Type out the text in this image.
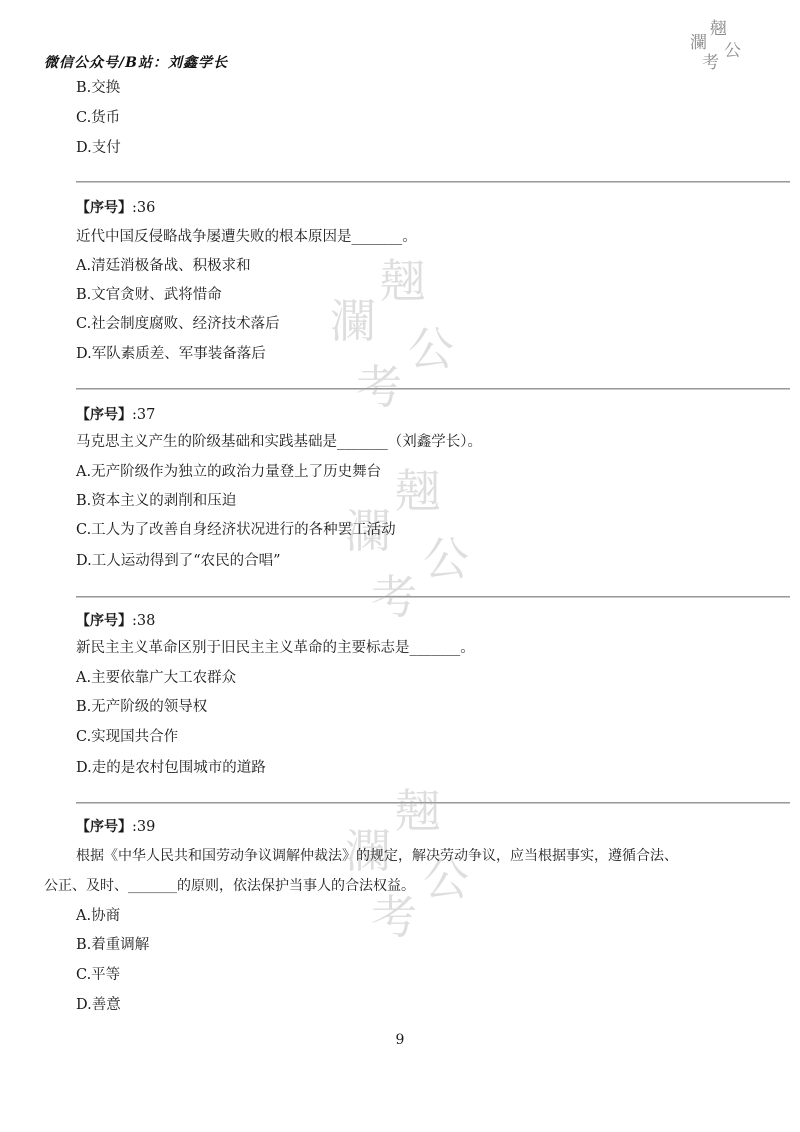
微信公众号/B站：刘鑫学长
瀾
翹
公
考
翹
瀾
公
考
翹
瀾
公
考
翹
瀾
公
考

B.交换

C.货币

D.支付

【序号】:36

近代中国反侵略战争屡遭失败的根本原因是_______。

A.清廷消极备战、积极求和

B.文官贪财、武将惜命

C.社会制度腐败、经济技术落后

D.军队素质差、军事装备落后

【序号】:37

马克思主义产生的阶级基础和实践基础是_______（刘鑫学长）。

A.无产阶级作为独立的政治力量登上了历史舞台

B.资本主义的剥削和压迫

C.工人为了改善自身经济状况进行的各种罢工活动

D.工人运动得到了“农民的合唱”

【序号】:38

新民主主义革命区别于旧民主主义革命的主要标志是_______。

A.主要依靠广大工农群众

B.无产阶级的领导权

C.实现国共合作

D.走的是农村包围城市的道路

【序号】:39

根据《中华人民共和国劳动争议调解仲裁法》的规定，解决劳动争议，应当根据事实，遵循合法、

公正、及时、_______的原则，依法保护当事人的合法权益。

A.协商

B.着重调解

C.平等

D.善意

9
